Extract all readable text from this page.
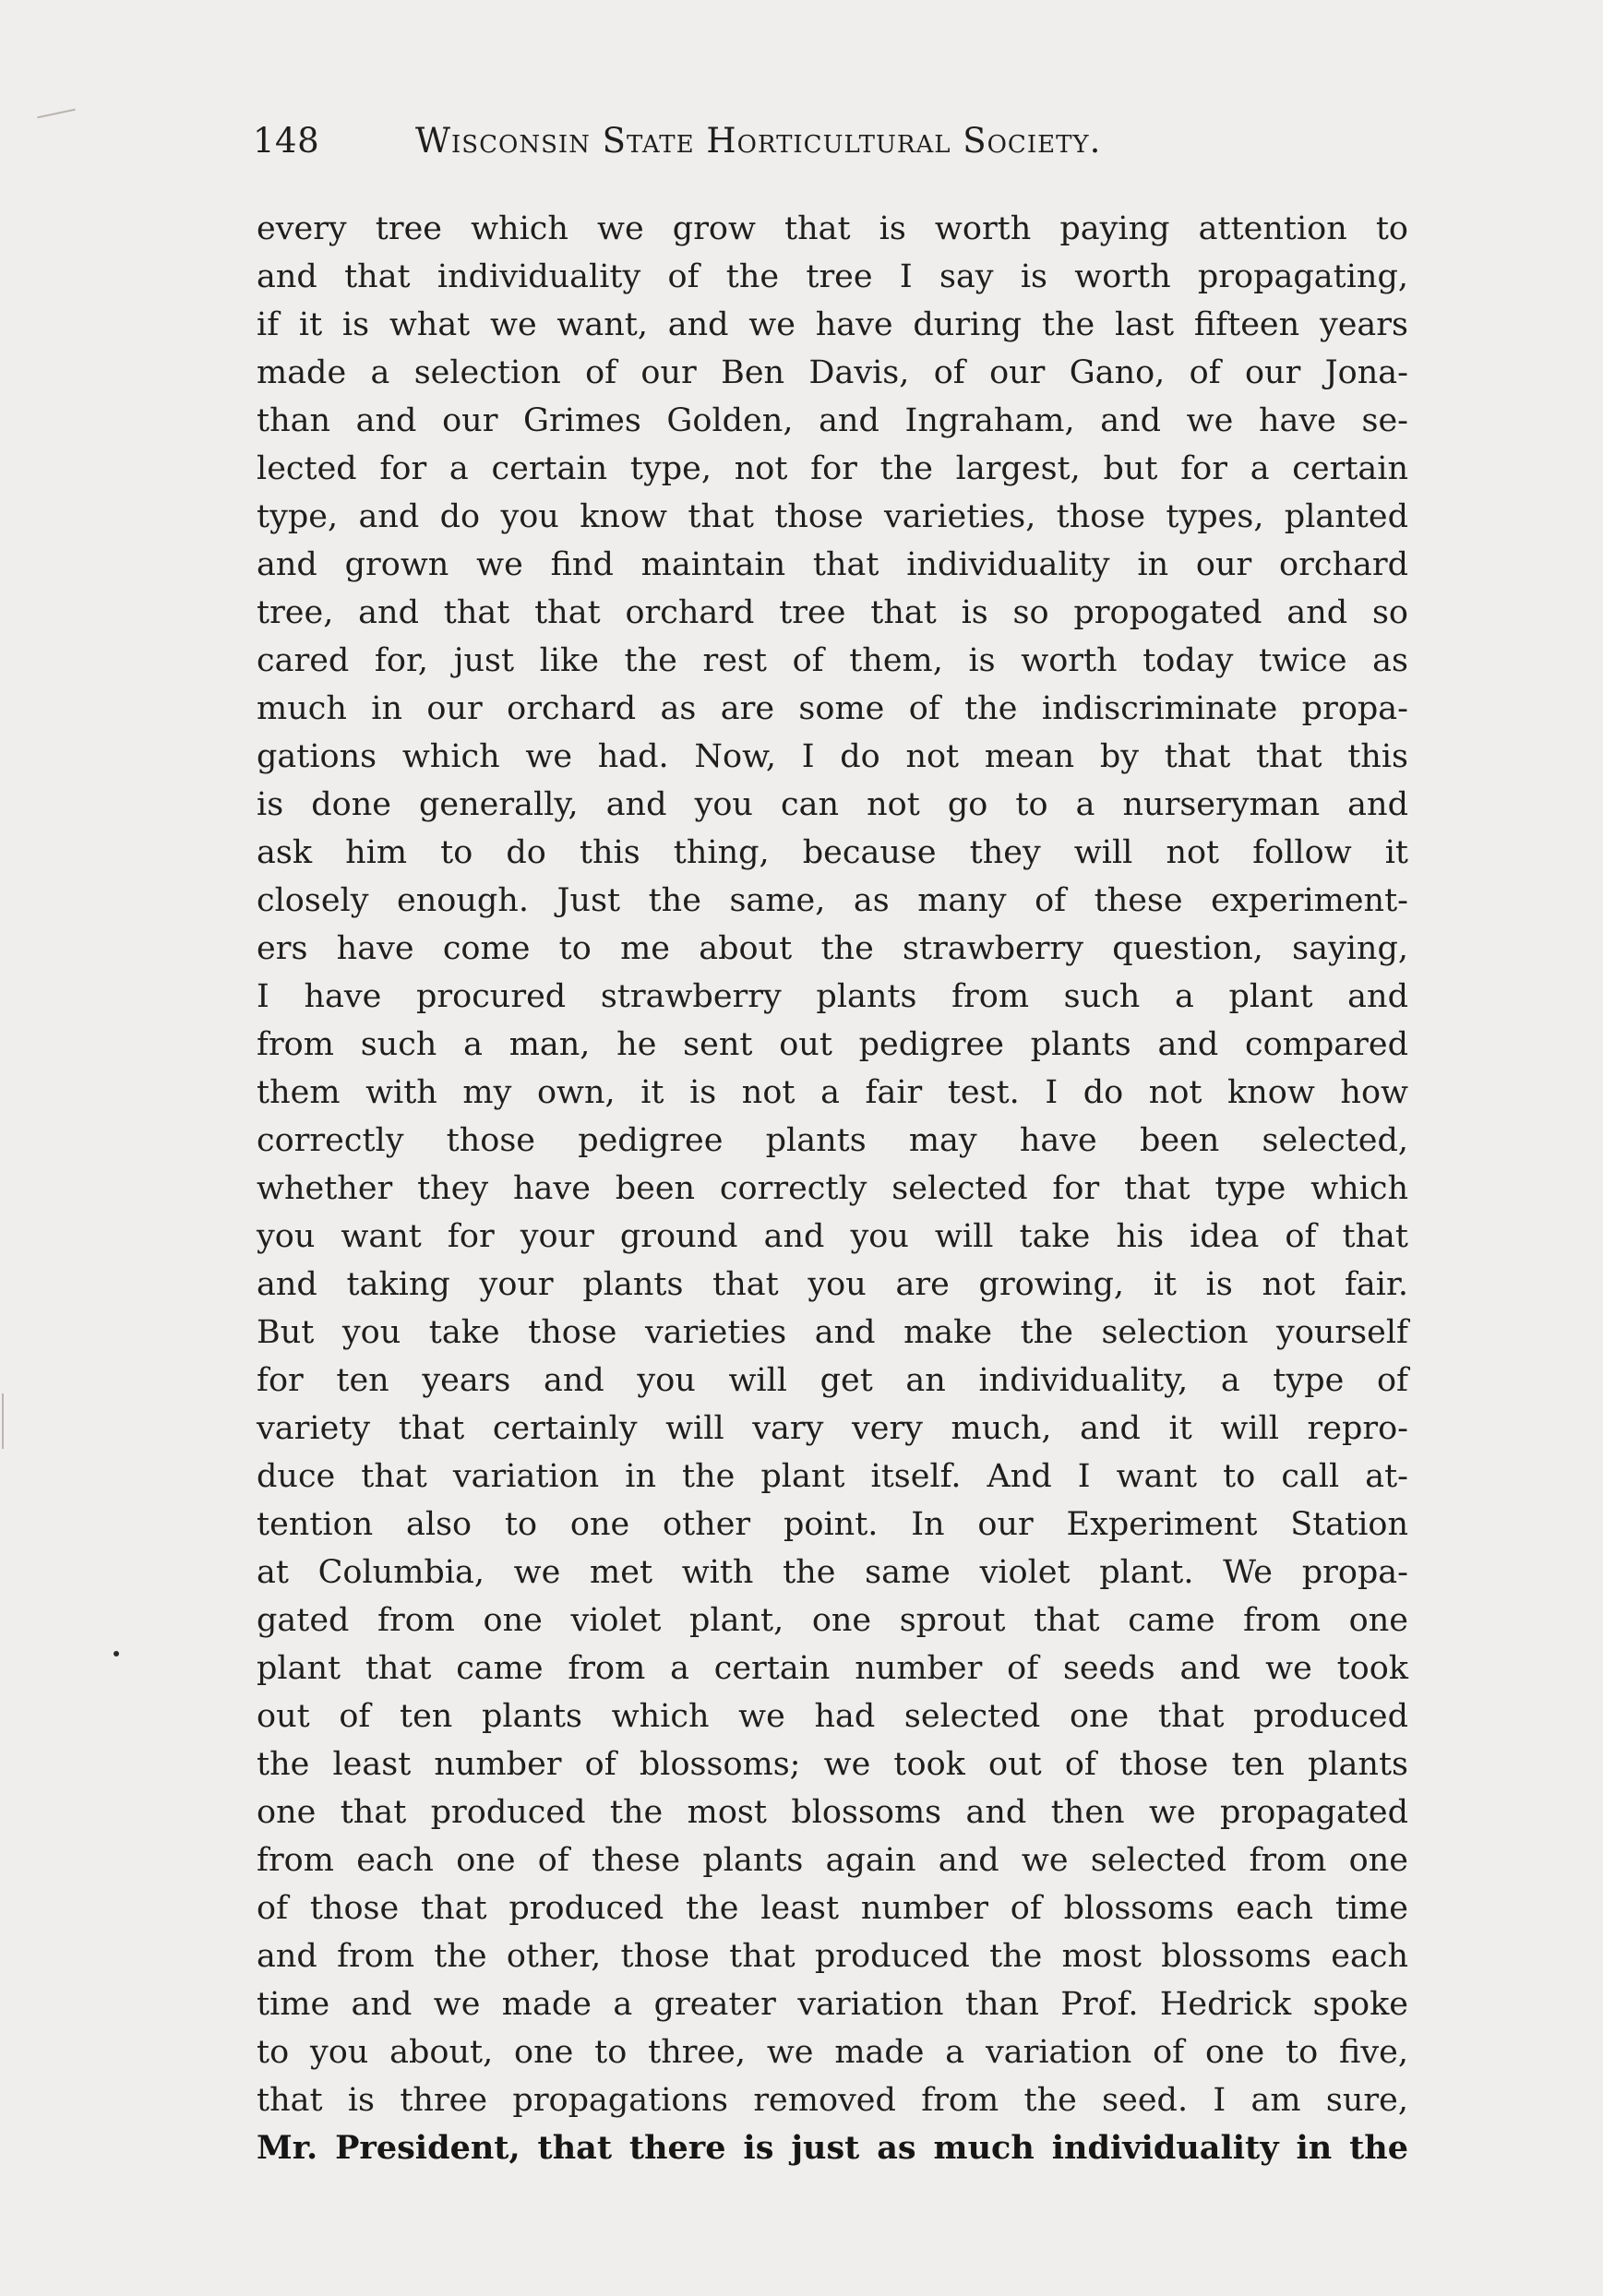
148	Wisconsin State Horticultural Society.
every tree which we grow that is worth paying attention to
and that individuality of the tree I say is worth propagating,
if it is what we want, and we have during the last fifteen years
made a selection of our Ben Davis, of our Gano, of our Jona-
than and our Grimes Golden, and Ingraham, and we have se-
lected for a certain type, not for the largest, but for a certain
type, and do you know that those varieties, those types, planted
and grown we find maintain that individuality in our orchard
tree, and that that orchard tree that is so propogated and so
cared for, just like the rest of them, is worth today twice as
much in our orchard as are some of the indiscriminate propa-
gations which we had. Now, I do not mean by that that this
is done generally, and you can not go to a nurseryman and
ask him to do this thing, because they will not follow it
closely enough. Just the same, as many of these experiment-
ers have come to me about the strawberry question, saying,
I have procured strawberry plants from such a plant and
from such a man, he sent out pedigree plants and compared
them with my own, it is not a fair test. I do not know how
correctly those pedigree plants may have been selected,
whether they have been correctly selected for that type which
you want for your ground and you will take his idea of that
and taking your plants that you are growing, it is not fair.
But you take those varieties and make the selection yourself
for ten years and you will get an individuality, a type of
variety that certainly will vary very much, and it will repro-
duce that variation in the plant itself. And I want to call at-
tention also to one other point. In our Experiment Station
at Columbia, we met with the same violet plant. We propa-
gated from one violet plant, one sprout that came from one
plant that came from a certain number of seeds and we took
out of ten plants which we had selected one that produced
the least number of blossoms; we took out of those ten plants
one that produced the most blossoms and then we propagated
from each one of these plants again and we selected from one
of those that produced the least number of blossoms each time
and from the other, those that produced the most blossoms each
time and we made a greater variation than Prof. Hedrick spoke
to you about, one to three, we made a variation of one to five,
that is three propagations removed from the seed. I am sure,
Mr. President, that there is just as much individuality in the
